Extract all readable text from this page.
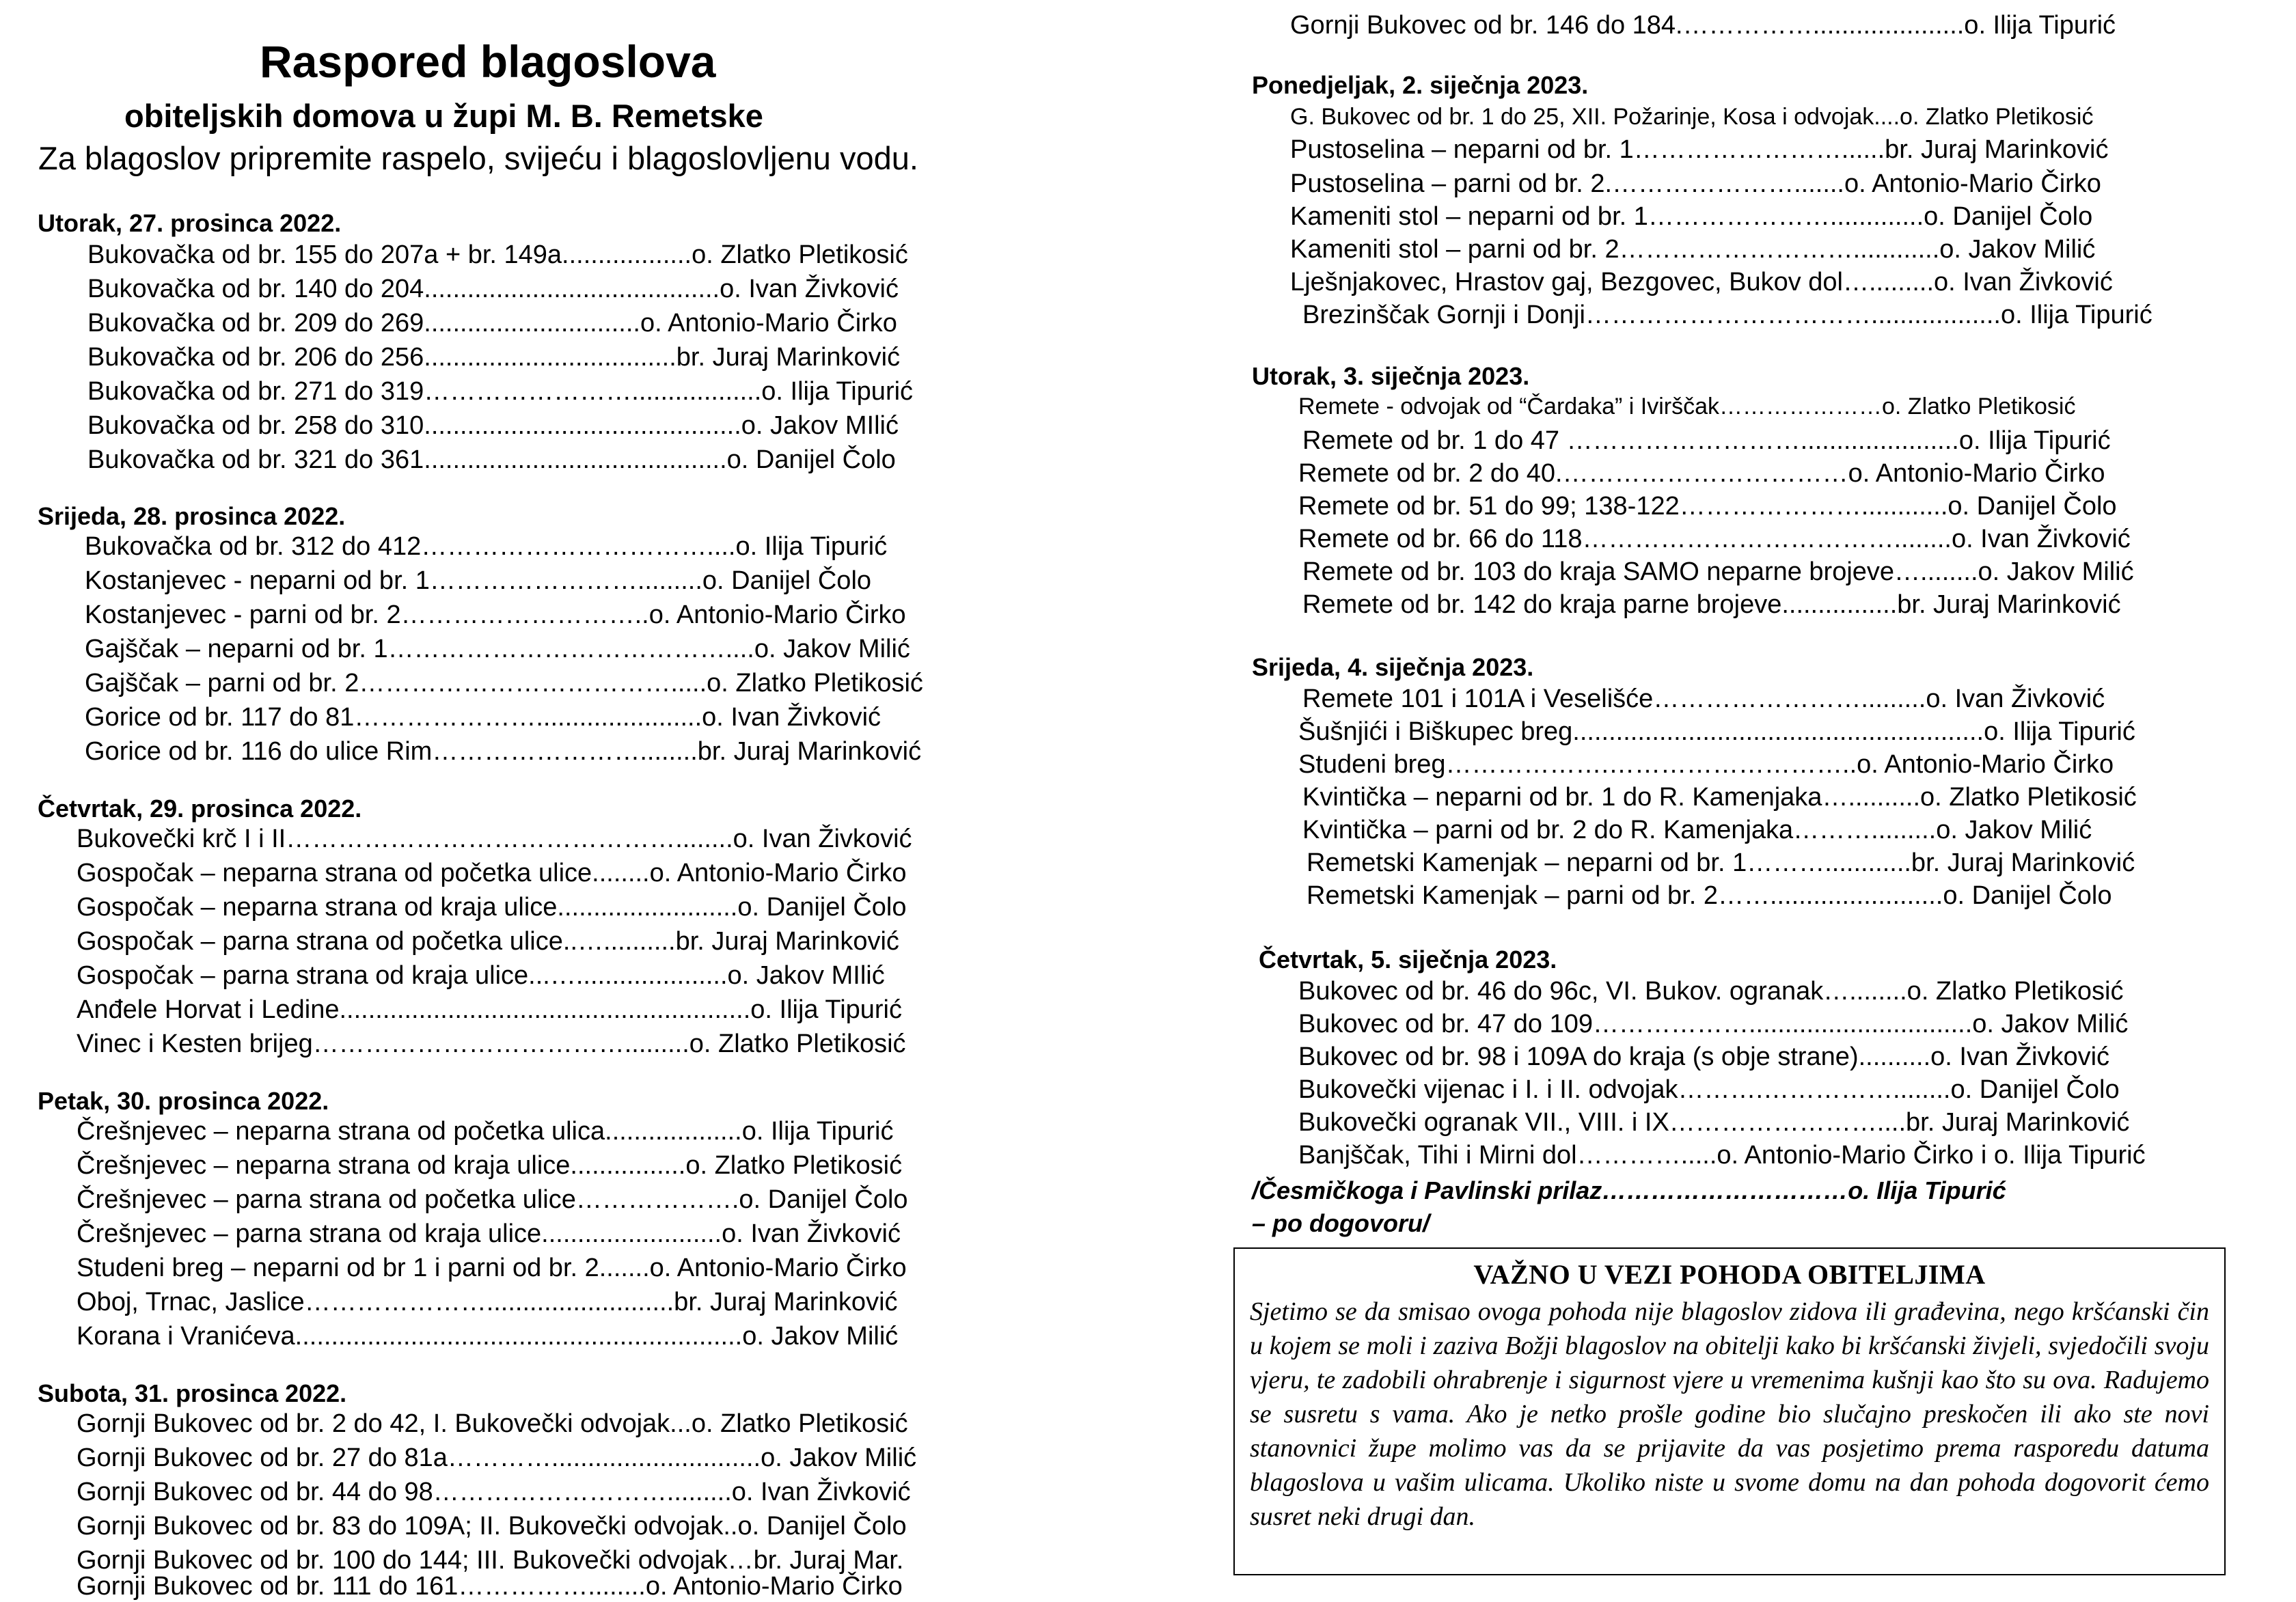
Raspored blagoslova
obiteljskih domova u župi M. B. Remetske
Za blagoslov pripremite raspelo, svijeću i blagoslovljenu vodu.
Utorak, 27. prosinca 2022.
Bukovačka od br. 155 do 207a + br. 149a..................o. Zlatko Pletikosić
Bukovačka od br. 140 do 204.........................................o. Ivan Živković
Bukovačka od br. 209 do 269..............................o. Antonio-Mario Čirko
Bukovačka od br. 206 do 256...................................br. Juraj Marinković
Bukovačka od br. 271 do 319……………………..................o. Ilija Tipurić
Bukovačka od br. 258 do 310............................................o. Jakov MIlić
Bukovačka od br. 321 do 361..........................................o. Danijel Čolo
Srijeda, 28. prosinca 2022.
Bukovačka od br. 312 do 412……………………………....o. Ilija Tipurić
Kostanjevec - neparni od br. 1…………………….........o. Danijel Čolo
Kostanjevec - parni od br. 2………………………..o. Antonio-Mario Čirko
Gajščak – neparni od br. 1…………………………………....o. Jakov Milić
Gajščak – parni od br. 2……………………………….....o. Zlatko Pletikosić
Gorice od br. 117 do 81………………….......................o. Ivan Živković
Gorice od br. 116 do ulice Rim……………………........br. Juraj Marinković
Četvrtak, 29. prosinca 2022.
Bukovečki krč I i II………………………………………........o. Ivan Živković
Gospočak – neparna strana od početka ulice........o. Antonio-Mario Čirko
Gospočak – neparna strana od kraja ulice.........................o. Danijel Čolo
Gospočak – parna strana od početka ulice..…..........br. Juraj Marinković
Gospočak – parna strana od kraja ulice...….....................o. Jakov MIlić
Anđele Horvat i Ledine.........................................................o. Ilija Tipurić
Vinec i Kesten brijeg……………………………….........o. Zlatko Pletikosić
Petak, 30. prosinca 2022.
Črešnjevec – neparna strana od početka ulica...................o. Ilija Tipurić
Črešnjevec – neparna strana od kraja ulice................o. Zlatko Pletikosić
Črešnjevec – parna strana od početka ulice……………….o. Danijel Čolo
Črešnjevec – parna strana od kraja ulice.........................o. Ivan Živković
Studeni breg – neparni od br 1 i parni od br. 2.......o. Antonio-Mario Čirko
Oboj, Trnac, Jaslice…………………..........................br. Juraj Marinković
Korana i Vranićeva..............................................................o. Jakov Milić
Subota, 31. prosinca 2022.
Gornji Bukovec od br. 2 do 42, I. Bukovečki odvojak...o. Zlatko Pletikosić
Gornji Bukovec od br. 27 do 81a………….............................o. Jakov Milić
Gornji Bukovec od br. 44 do 98……………………….........o. Ivan Živković
Gornji Bukovec od br. 83 do 109A; II. Bukovečki odvojak..o. Danijel Čolo
Gornji Bukovec od br. 100 do 144; III. Bukovečki odvojak…br. Juraj Mar.
Gornji Bukovec od br. 111 do 161……………........o. Antonio-Mario Čirko
Gornji Bukovec od br. 146 do 184.…………….....................o. Ilija Tipurić
Ponedjeljak, 2. siječnja 2023.
G. Bukovec od br. 1 do 25, XII. Požarinje, Kosa i odvojak....o. Zlatko Pletikosić
Pustoselina – neparni od br. 1……………………......br. Juraj Marinković
Pustoselina – parni od br. 2.………………….......o. Antonio-Mario Čirko
Kameniti stol – neparni od br. 1………………….............o. Danijel Čolo
Kameniti stol – parni od br. 2………………………............o. Jakov Milić
Lješnjakovec, Hrastov gaj, Bezgovec, Bukov dol….........o. Ivan Živković
Brezinščak Gornji i Donji……………………………..................o. Ilija Tipurić
Utorak, 3. siječnja 2023.
Remete - odvojak od “Čardaka” i Ivirščak…………………o. Zlatko Pletikosić
Remete od br. 1 do 47 ………………………......................o. Ilija Tipurić
Remete od br. 2 do 40.……………………………o. Antonio-Mario Čirko
Remete od br. 51 do 99; 138-122…………………............o. Danijel Čolo
Remete od br. 66 do 118………………………………........o. Ivan Živković
Remete od br. 103 do kraja SAMO neparne brojeve…........o. Jakov Milić
Remete od br. 142 do kraja parne brojeve................br. Juraj Marinković
Srijeda, 4. siječnja 2023.
Remete 101 i 101A i Veselišće…………………….........o. Ivan Živković
Šušnjići i Biškupec breg.........................................................o. Ilija Tipurić
Studeni breg……………….………………………..o. Antonio-Mario Čirko
Kvintička – neparni od br. 1 do R. Kamenjaka…..........o. Zlatko Pletikosić
Kvintička – parni od br. 2 do R. Kamenjaka……….........o. Jakov Milić
Remetski Kamenjak – neparni od br. 1………............br. Juraj Marinković
Remetski Kamenjak – parni od br. 2……........................o. Danijel Čolo
Četvrtak, 5. siječnja 2023.
Bukovec od br. 46 do 96c, VI. Bukov. ogranak…........o. Zlatko Pletikosić
Bukovec od br. 47 do 109………………...............................o. Jakov Milić
Bukovec od br. 98 i 109A do kraja (s obje strane)..........o. Ivan Živković
Bukovečki vijenac i I. i II. odvojak……….……………........o. Danijel Čolo
Bukovečki ogranak VII., VIII. i IX……………………....br. Juraj Marinković
Banjščak, Tihi i Mirni dol………….....o. Antonio-Mario Čirko i o. Ilija Tipurić
/Česmičkoga i Pavlinski prilaz…………………………o. Ilija Tipurić
– po dogovoru/
VAŽNO U VEZI POHODA OBITELJIMA
Sjetimo se da smisao ovoga pohoda nije blagoslov zidova ili građevina, nego kršćanski čin u kojem se moli i zaziva Božji blagoslov na obitelji kako bi kršćanski živjeli, svjedočili svoju vjeru, te zadobili ohrabrenje i sigurnost vjere u vremenima kušnji kao što su ova. Radujemo se susretu s vama. Ako je netko prošle godine bio slučajno preskočen ili ako ste novi stanovnici župe molimo vas da se prijavite da vas posjetimo prema rasporedu datuma blagoslova u vašim ulicama. Ukoliko niste u svome domu na dan pohoda dogovorit ćemo susret neki drugi dan.
